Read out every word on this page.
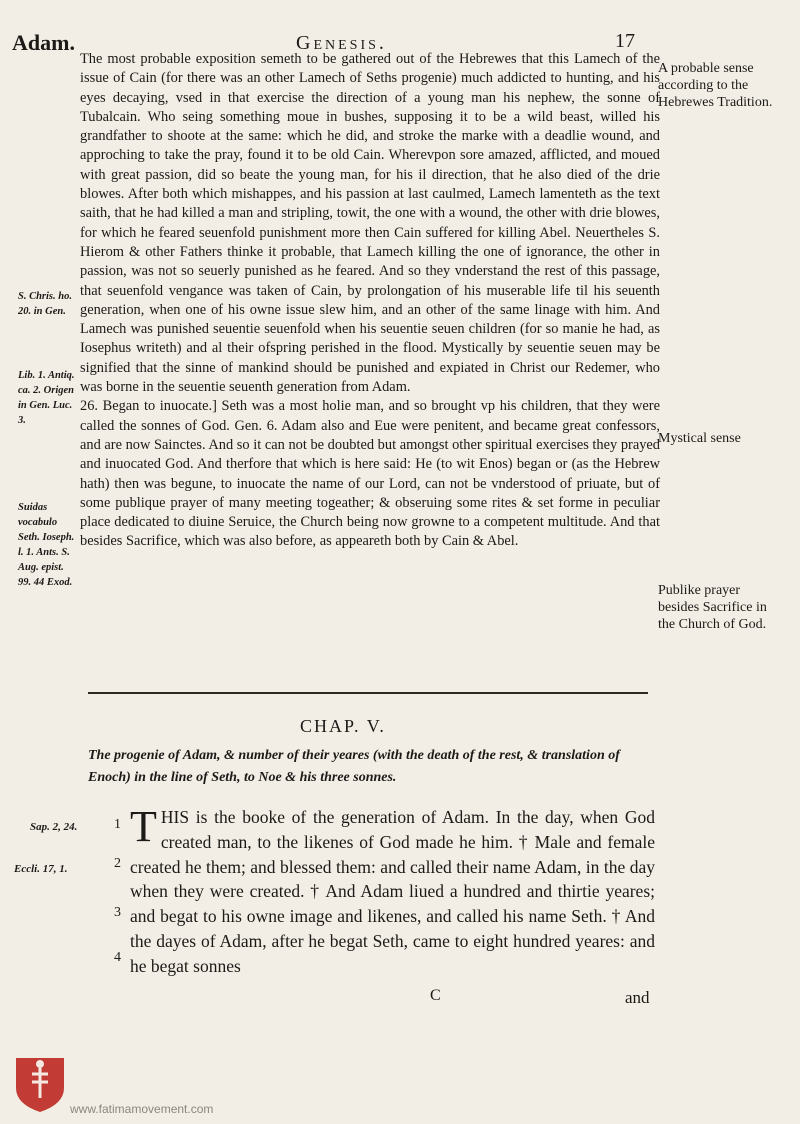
Adam.	Genesis.	17

The most probable exposition semeth to be gathered out of the Hebrewes that this Lamech of the issue of Cain (for there was an other Lamech of Seths progenie) much addicted to hunting, and his eyes decaying, vsed in that exercise the direction of a young man his nephew, the sonne of Tubalcain. Who seing something moue in bushes, supposing it to be a wild beast, willed his grandfather to shoote at the same: which he did, and stroke the marke with a deadlie wound, and approching to take the pray, found it to be old Cain. Wherevpon sore amazed, afflicted, and moued with great passion, did so beate the young man, for his il direction, that he also died of the drie blowes. After both which mishappes, and his passion at last caulmed, Lamech lamenteth as the text saith, that he had killed a man and stripling, towit, the one with a wound, the other with drie blowes, for which he feared seuenfold punishment more then Cain suffered for killing Abel. Neuertheles S. Hierom & other Fathers thinke it probable, that Lamech killing the one of ignorance, the other in passion, was not so seuerly punished as he feared. And so they vnderstand the rest of this passage, that seuenfold vengance was taken of Cain, by prolongation of his muserable life til his seuenth generation, when one of his owne issue slew him, and an other of the same linage with him. And Lamech was punished seuentie seuenfold when his seuentie seuen children (for so manie he had, as Iosephus writeth) and al their ofspring perished in the flood. Mystically by seuentie seuen may be signified that the sinne of mankind should be punished and expiated in Christ our Redemer, who was borne in the seuentie seuenth generation from Adam.

26. Began to inuocate.] Seth was a most holie man, and so brought vp his children, that they were called the sonnes of God. Gen. 6. Adam also and Eue were penitent, and became great confessors, and are now Sainctes. And so it can not be doubted but amongst other spiritual exercises they prayed and inuocated God. And therfore that which is here said: He (to wit Enos) began or (as the Hebrew hath) then was begune, to inuocate the name of our Lord, can not be vnderstood of priuate, but of some publique prayer of many meeting togeather; & obseruing some rites & set forme in peculiar place dedicated to diuine Seruice, the Church being now growne to a competent multitude. And that besides Sacrifice, which was also before, as appeareth both by Cain & Abel.

S. Chris. ho. 20. in Gen.
Lib. 1. Antiq. ca. 2. Origen in Gen. Luc. 3.
Suidas vocabulo Seth. Ioseph. l. 1. Ants. S. Aug. epist. 99. 44 Exod.
A probable sense according to the Hebrewes Tradition.
Mystical sense
Publike prayer besides Sacrifice in the Church of God.
CHAP. V.
The progenie of Adam, & number of their yeares (with the death of the rest, & translation of Enoch) in the line of Seth, to Noe & his three sonnes.
Sap. 2, 24.
Eccli. 17, 1.
1
2
3
4
THIS is the booke of the generation of Adam. In the day, when God created man, to the likenes of God made he him. † Male and female created he them; and blessed them: and called their name Adam, in the day when they were created. † And Adam liued a hundred and thirtie yeares; and begat to his owne image and likenes, and called his name Seth. † And the dayes of Adam, after he begat Seth, came to eight hundred yeares: and he begat sonnes
C	and
www.fatimamovement.com
